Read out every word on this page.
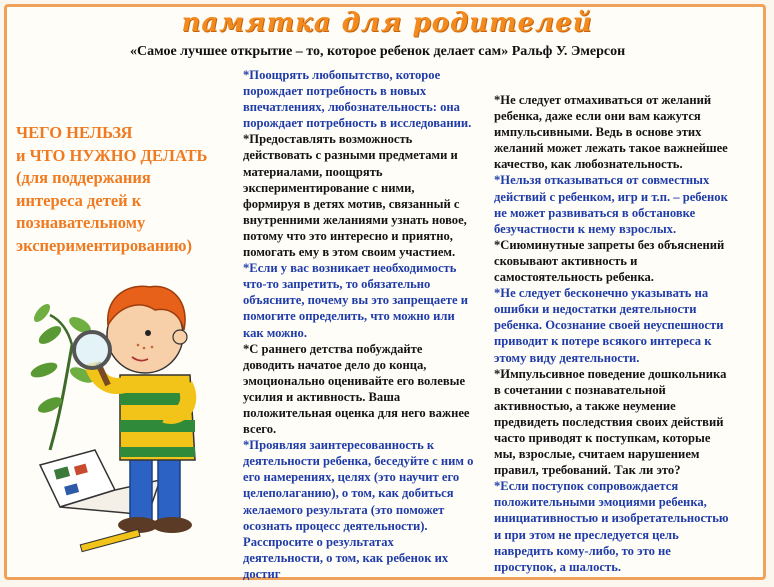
памятка для родителей
«Самое лучшее открытие – то, которое ребенок делает сам» Ральф У. Эмерсон
ЧЕГО НЕЛЬЗЯ
и ЧТО НУЖНО ДЕЛАТЬ
(для поддержания
интереса детей к
познавательному
экспериментированию)

*Поощрять любопытство, которое
порождает потребность в новых
впечатлениях, любознательность: она
порождает потребность в исследовании.

*Предоставлять возможность
действовать с разными предметами и
материалами, поощрять
экспериментирование с ними,
формируя в детях мотив, связанный с
внутренними желаниями узнать новое,
потому что это интересно и приятно,
помогать ему в этом своим участием.

*Если у вас возникает необходимость
что-то запретить, то обязательно
объясните, почему вы это запрещаете и
помогите определить, что можно или
как можно.

*С раннего детства побуждайте
доводить начатое дело до конца,
эмоционально оценивайте его волевые
усилия и активность. Ваша
положительная оценка для него важнее
всего.

*Проявляя заинтересованность к
деятельности ребенка, беседуйте с ним о
его намерениях, целях (это научит его
целеполаганию), о том, как добиться
желаемого результата (это поможет
осознать процесс деятельности).
Расспросите о результатах
деятельности, о том, как ребенок их
достиг

*Не следует отмахиваться от желаний
ребенка, даже если они вам кажутся
импульсивными. Ведь в основе этих
желаний может лежать такое важнейшее
качество, как любознательность.

*Нельзя отказываться от совместных
действий с ребенком, игр и т.п. – ребенок
не может развиваться в обстановке
безучастности к нему взрослых.

*Сиюминутные запреты без объяснений
сковывают активность и
самостоятельность ребенка.

*Не следует бесконечно указывать на
ошибки и недостатки деятельности
ребенка. Осознание своей неуспешности
приводит к потере всякого интереса к
этому виду деятельности.

*Импульсивное поведение дошкольника
в сочетании с познавательной
активностью, а также неумение
предвидеть последствия своих действий
часто приводят к поступкам, которые
мы, взрослые, считаем нарушением
правил, требований. Так ли это?

*Если поступок сопровождается
положительными эмоциями ребенка,
инициативностью и изобретательностью
и при этом не преследуется цель
навредить кому-либо, то это не
проступок, а шалость.
